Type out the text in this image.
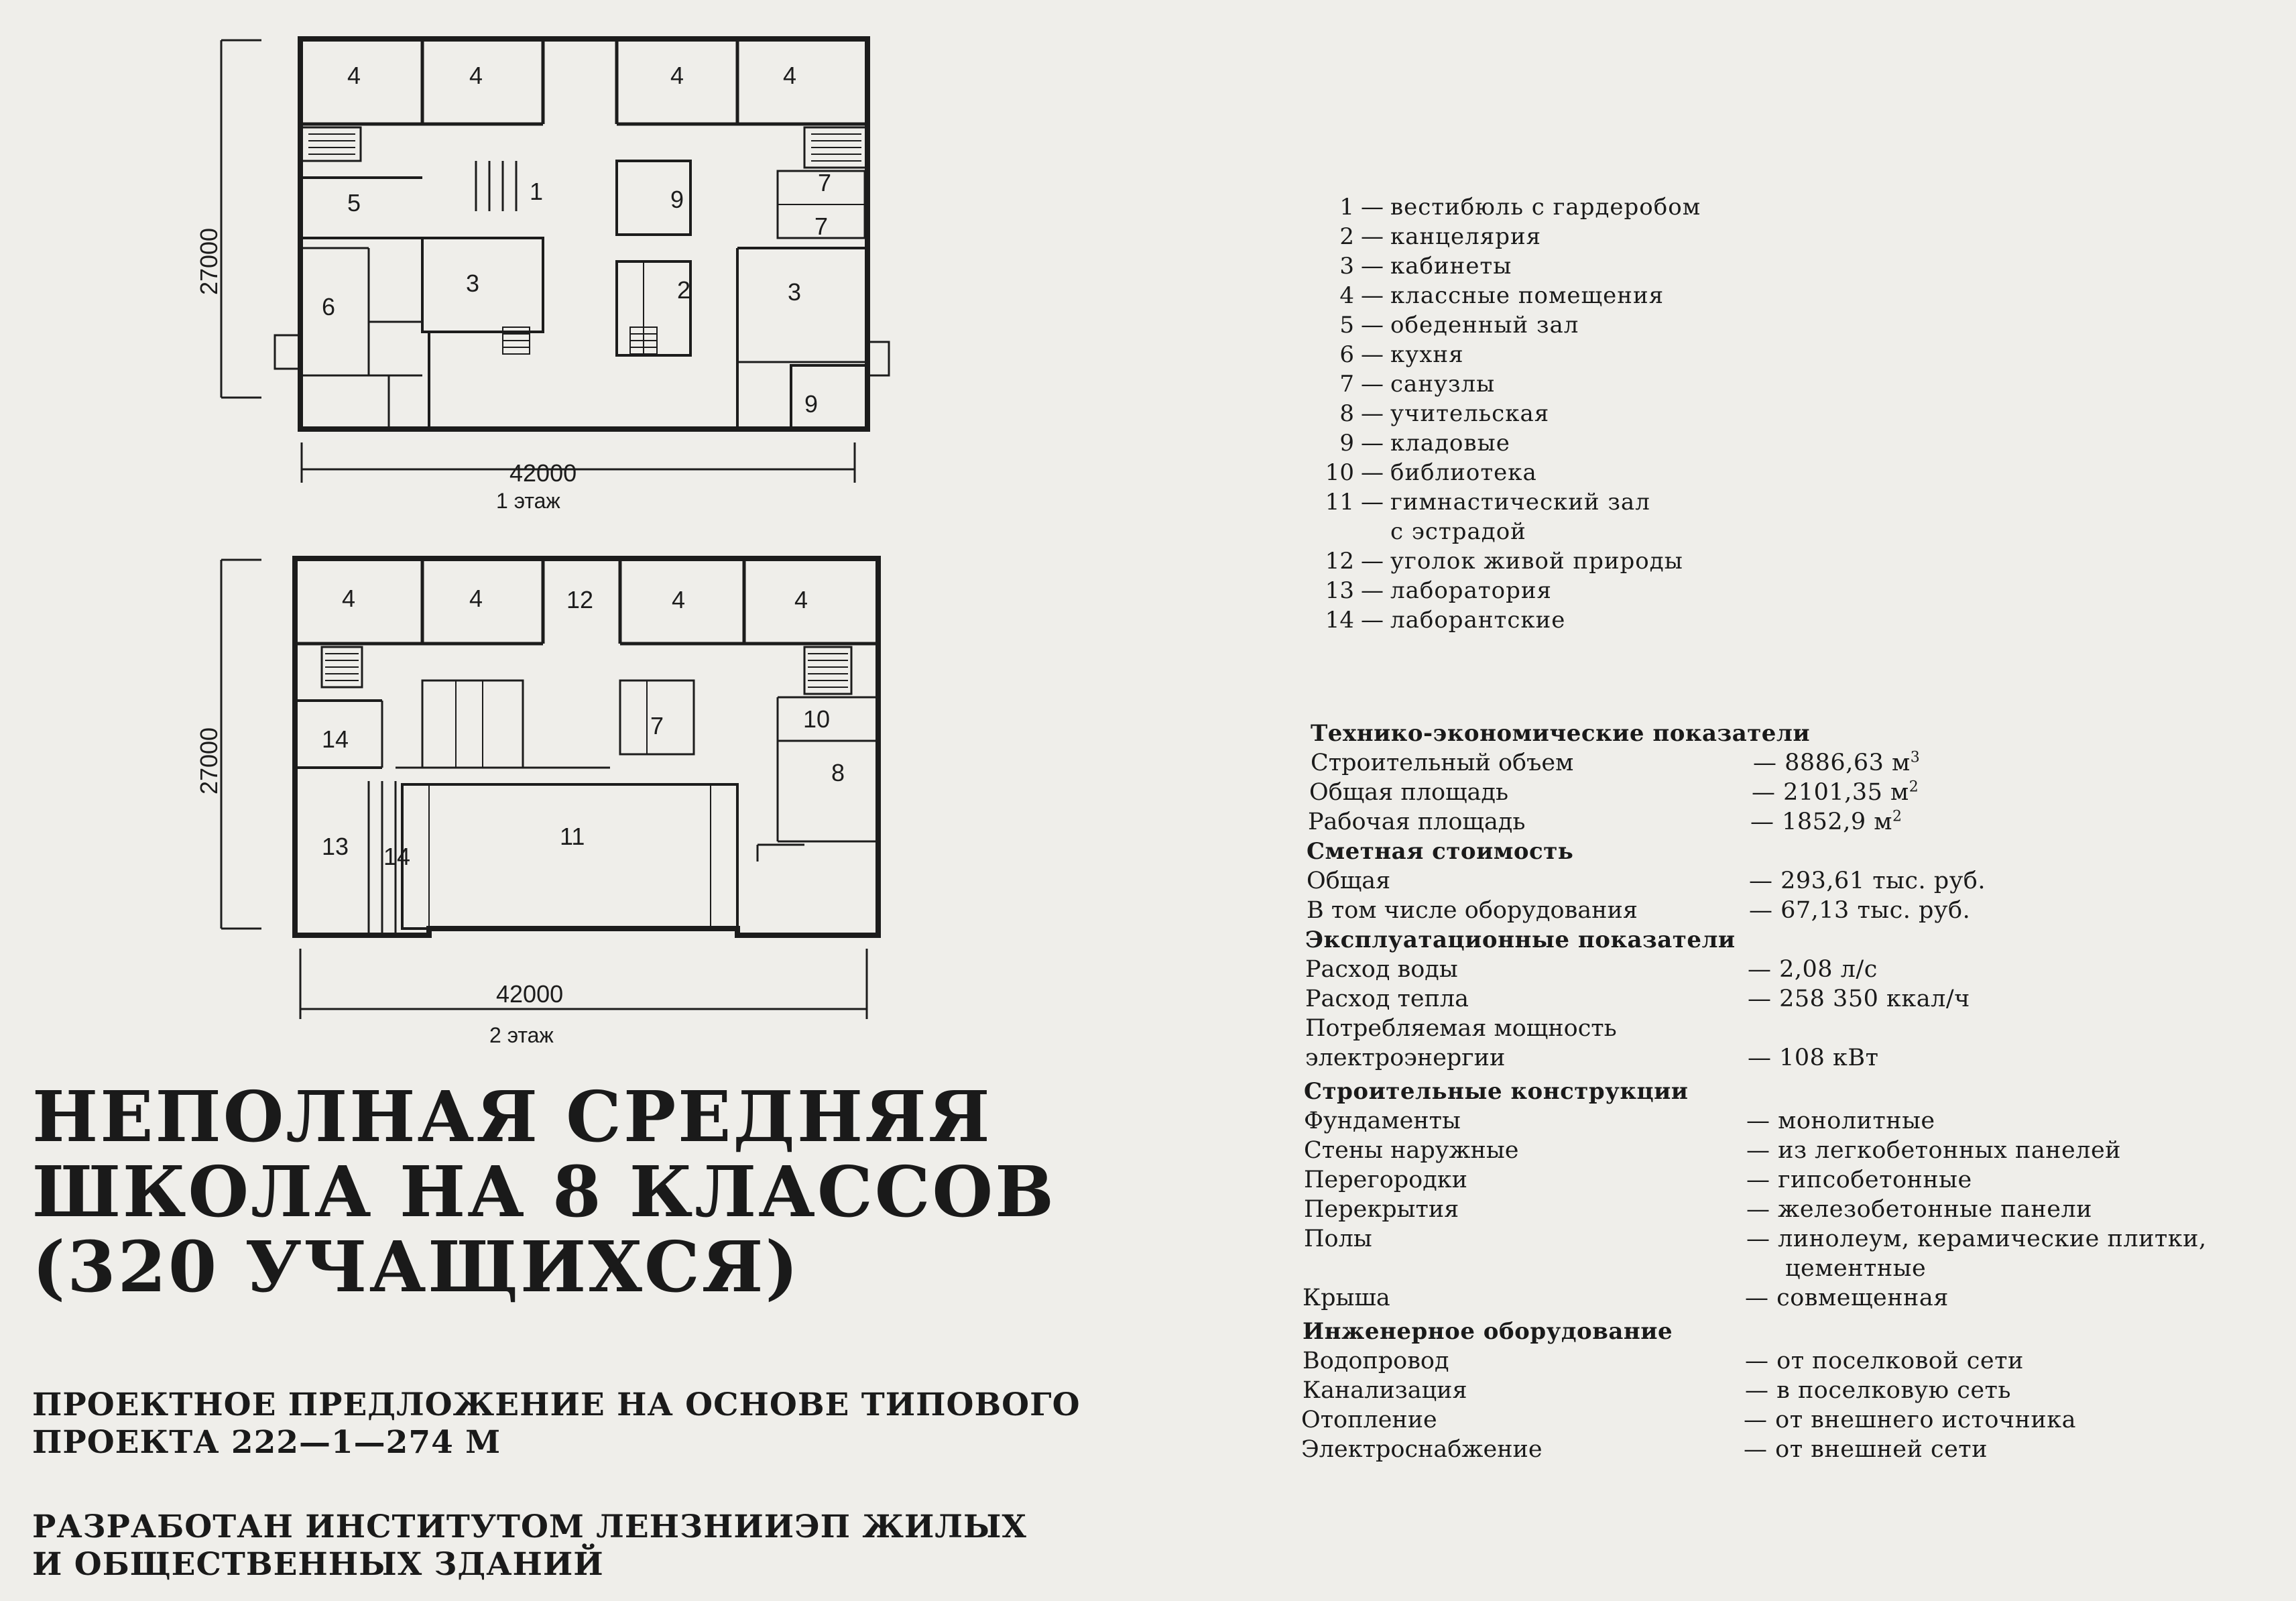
27000
42000
1 этаж
4	4	4	4
5	1	9
7
7
6
3	2	3
9
27000
42000
2 этаж
4	4	12	4	4
10
7
14
8
11
13 14
НЕПОЛНАЯ СРЕДНЯЯ
ШКОЛА НА 8 КЛАССОВ
(320 УЧАЩИХСЯ)
ПРОЕКТНОЕ ПРЕДЛОЖЕНИЕ НА ОСНОВЕ ТИПОВОГО
ПРОЕКТА 222—1—274 М
РАЗРАБОТАН ИНСТИТУТОМ ЛЕНЗНИИЭП ЖИЛЫХ
И ОБЩЕСТВЕННЫХ ЗДАНИЙ
1 — вестибюль с гардеробом
2 — канцелярия
3 — кабинеты
4 — классные помещения
5 — обеденный зал
6 — кухня
7 — санузлы
8 — учительская
9 — кладовые
10 — библиотека
11 — гимнастический зал
с эстрадой
12 — уголок живой природы
13 — лаборатория
14 — лаборантские
Технико-экономические показатели
Строительный объем	— 8886,63 $м^3$
Общая площадь	— 2101,35 $м^2$
Рабочая площадь	— 1852,9 $м^2$
Сметная стоимость
Общая	— 293,61 тыс. руб.
В том числе оборудования	— 67,13 тыс. руб.
Эксплуатационные показатели
Расход воды	— 2,08 л/с
Расход тепла	— 258 350 ккал/ч
Потребляемая мощность
электроэнергии	— 108 кВт
Строительные конструкции
Фундаменты	— монолитные
Стены наружные	— из легкобетонных панелей
Перегородки	— гипсобетонные
Перекрытия	— железобетонные панели
Полы	— линолеум, керамические плитки,
цементные
Крыша	— совмещенная
Инженерное оборудование
Водопровод	— от поселковой сети
Канализация	— в поселковую сеть
Отопление	— от внешнего источника
Электроснабжение	— от внешней сети
